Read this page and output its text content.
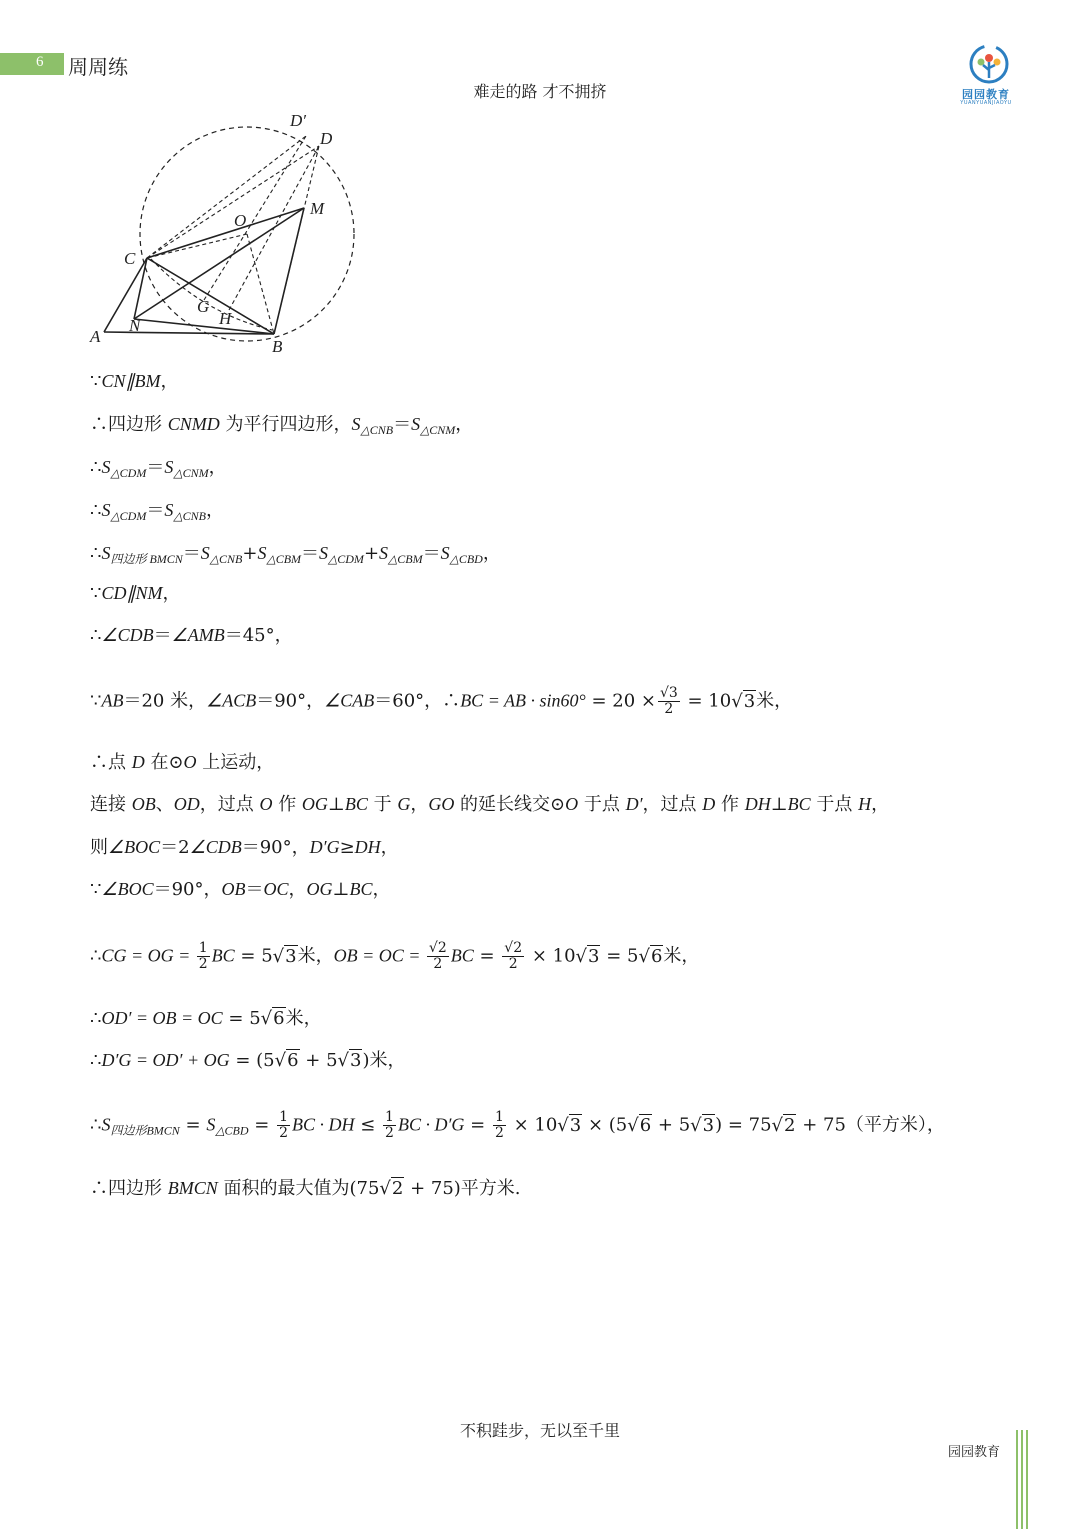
6 周周练
难走的路 才不拥挤	园园教育
YUANYUANJIAOYU
D′
D
M
O
C
G
H
N
A
B
∵CN∥BM，
∴四边形 CNMD 为平行四边形，$S_{\triangle CNB}=S_{\triangle CNM}$，
$\therefore S_{\triangle CDM}=S_{\triangle CNM}$，
$\therefore S_{\triangle CDM}=S_{\triangle CNB}$，
$\therefore S_{四边形 BMCN}=S_{\triangle CNB}+S_{\triangle CBM}=S_{\triangle CDM}+S_{\triangle CBM}=S_{\triangle CBD}$，
∵CD∥NM，
∴∠CDB＝∠AMB＝45°，
∵AB＝20 米，∠ACB＝90°，∠CAB＝60°，∴BC = AB · $\sin 60^\circ = 20 \times \frac{√3}{2} = 10√3$米，
∴点 D 在⊙O 上运动，
连接 OB、OD，过点 O 作 OG⊥BC 于 G，GO 的延长线交⊙O 于点 D′，过点 D 作 DH⊥BC 于点 H，
则∠BOC＝2∠CDB＝90°，D′G≥DH，
∵∠BOC＝90°，OB＝OC，OG⊥BC，
∴CG = OG = $\frac{1}{2}$ BC = 5√3米，OB = OC = $\frac{√2}{2}$ BC = $\frac{√2}{2} \times 10√3 = 5√6$米，
∴OD′ = OB = OC = 5√6米，
∴D′G = OD′ + OG = (5√6 + 5√3)米，
$\therefore S_{四边形BMCN} = S_{\triangle CBD} = \frac{1}{2}$ BC · DH ≤ $\frac{1}{2}$ BC · $D'G = \frac{1}{2} \times 10√3 \times (5√6 + 5√3) = 75√2 + 75$（平方米），
∴四边形 BMCN 面积的最大值为(75√2 + 75)平方米.
不积跬步，无以至千里
园园教育
